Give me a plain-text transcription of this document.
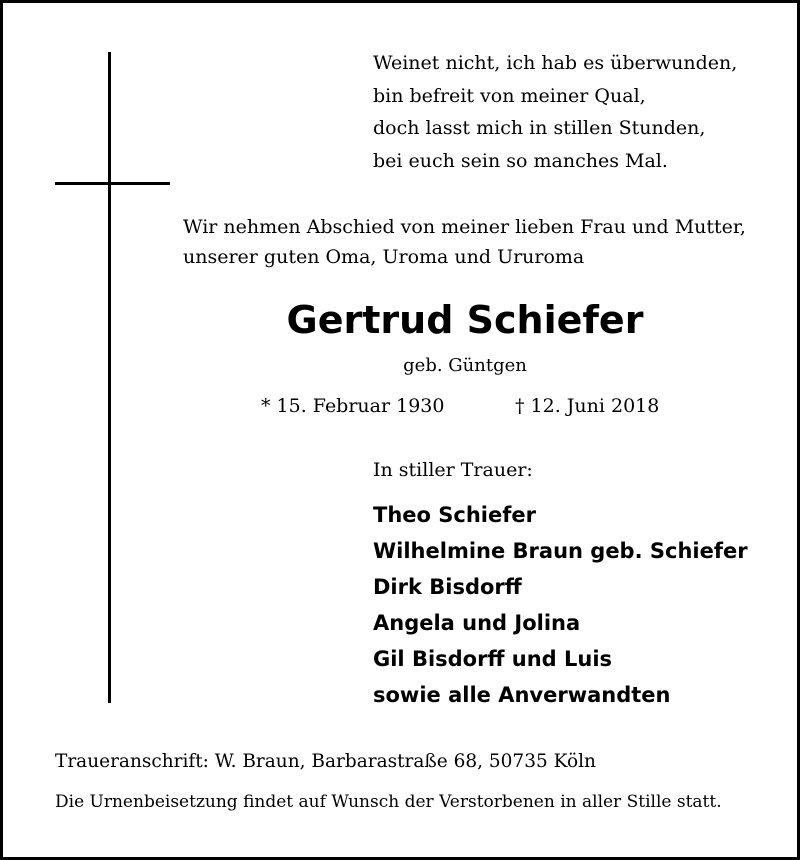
Weinet nicht, ich hab es überwunden,
bin befreit von meiner Qual,
doch lasst mich in stillen Stunden,
bei euch sein so manches Mal.
Wir nehmen Abschied von meiner lieben Frau und Mutter,
unserer guten Oma, Uroma und Ururoma
Gertrud Schiefer
geb. Güntgen
* 15. Februar 1930	† 12. Juni 2018
In stiller Trauer:
Theo Schiefer
Wilhelmine Braun geb. Schiefer
Dirk Bisdorff
Angela und Jolina
Gil Bisdorff und Luis
sowie alle Anverwandten
Traueranschrift: W. Braun, Barbarastraße 68, 50735 Köln
Die Urnenbeisetzung findet auf Wunsch der Verstorbenen in aller Stille statt.
